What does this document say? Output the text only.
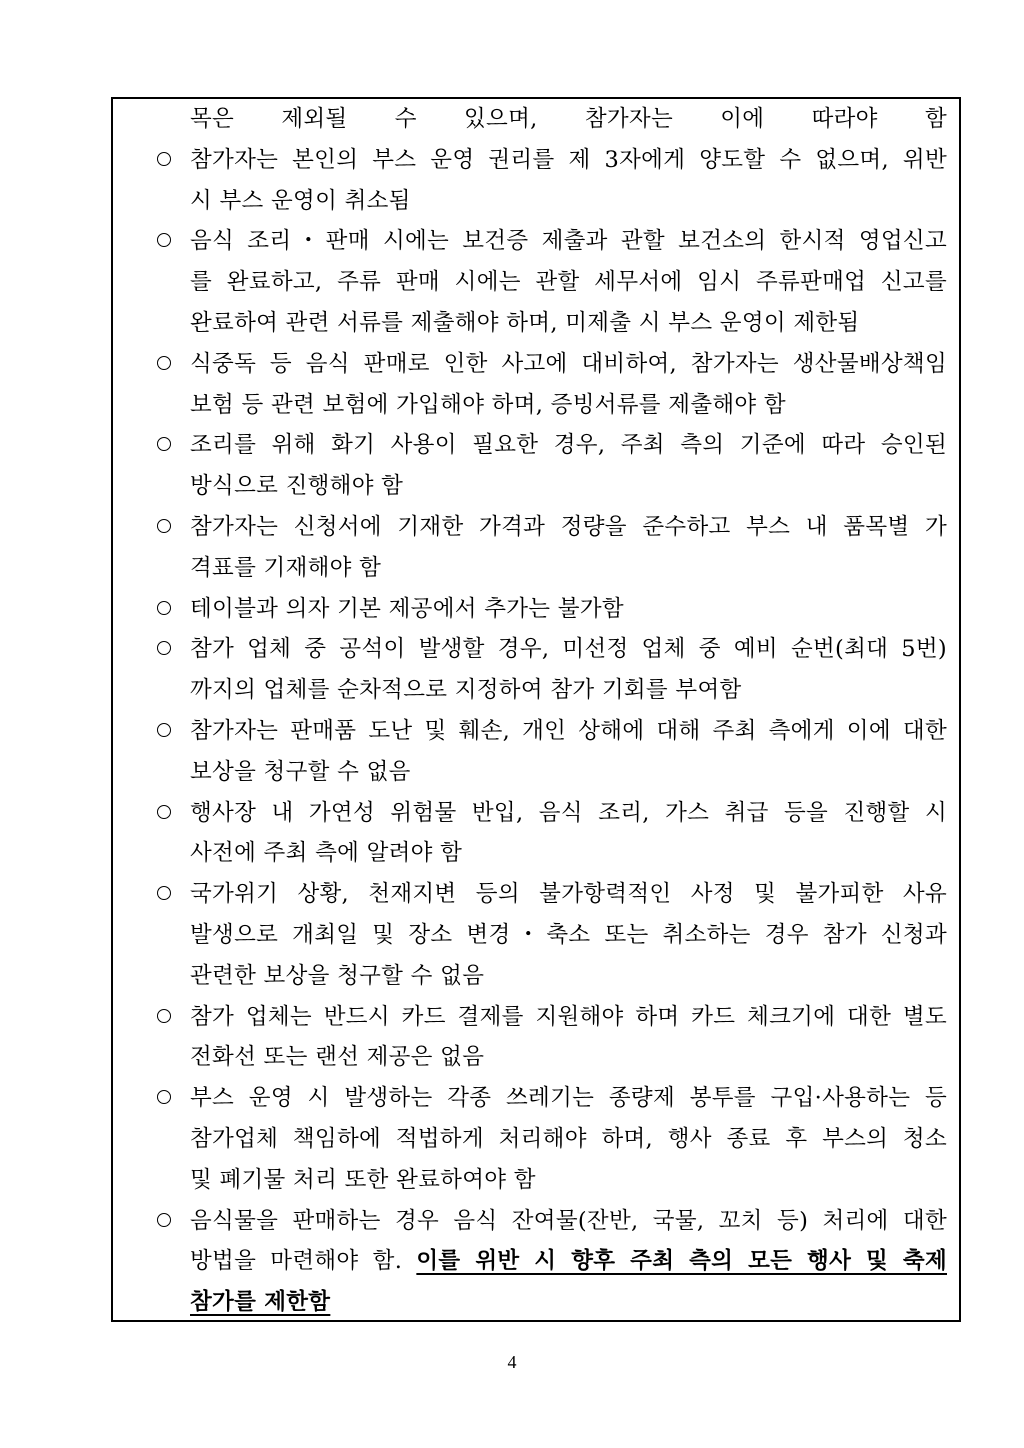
목은 제외될 수 있으며, 참가자는 이에 따라야 함
참가자는 본인의 부스 운영 권리를 제 3자에게 양도할 수 없으며, 위반
시 부스 운영이 취소됨
음식 조리・판매 시에는 보건증 제출과 관할 보건소의 한시적 영업신고
를 완료하고, 주류 판매 시에는 관할 세무서에 임시 주류판매업 신고를
완료하여 관련 서류를 제출해야 하며, 미제출 시 부스 운영이 제한됨
식중독 등 음식 판매로 인한 사고에 대비하여, 참가자는 생산물배상책임
보험 등 관련 보험에 가입해야 하며, 증빙서류를 제출해야 함
조리를 위해 화기 사용이 필요한 경우, 주최 측의 기준에 따라 승인된
방식으로 진행해야 함
참가자는 신청서에 기재한 가격과 정량을 준수하고 부스 내 품목별 가
격표를 기재해야 함
테이블과 의자 기본 제공에서 추가는 불가함
참가 업체 중 공석이 발생할 경우, 미선정 업체 중 예비 순번(최대 5번)
까지의 업체를 순차적으로 지정하여 참가 기회를 부여함
참가자는 판매품 도난 및 훼손, 개인 상해에 대해 주최 측에게 이에 대한
보상을 청구할 수 없음
행사장 내 가연성 위험물 반입, 음식 조리, 가스 취급 등을 진행할 시
사전에 주최 측에 알려야 함
국가위기 상황, 천재지변 등의 불가항력적인 사정 및 불가피한 사유
발생으로 개최일 및 장소 변경・축소 또는 취소하는 경우 참가 신청과
관련한 보상을 청구할 수 없음
참가 업체는 반드시 카드 결제를 지원해야 하며 카드 체크기에 대한 별도
전화선 또는 랜선 제공은 없음
부스 운영 시 발생하는 각종 쓰레기는 종량제 봉투를 구입·사용하는 등
참가업체 책임하에 적법하게 처리해야 하며, 행사 종료 후 부스의 청소
및 폐기물 처리 또한 완료하여야 함
음식물을 판매하는 경우 음식 잔여물(잔반, 국물, 꼬치 등) 처리에 대한
방법을 마련해야 함. 이를 위반 시 향후 주최 측의 모든 행사 및 축제
참가를 제한함
4
